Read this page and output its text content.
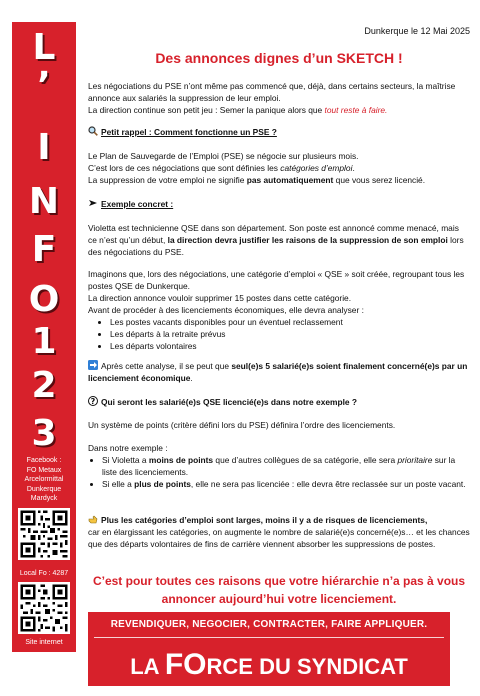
L
’
I
N
F
O
1
2
3
Facebook :
FO Metaux
Arcelormittal
Dunkerque
Mardyck
Local Fo : 4287
Site internet
Dunkerque le 12 Mai 2025
Des annonces dignes d’un SKETCH !
Les négociations du PSE n’ont même pas commencé que, déjà, dans certains secteurs, la maîtrise annonce aux salariés la suppression de leur emploi.
La direction continue son petit jeu : Semer la panique alors que tout reste à faire.
Petit rappel : Comment fonctionne un PSE ?
Le Plan de Sauvegarde de l’Emploi (PSE) se négocie sur plusieurs mois.
C’est lors de ces négociations que sont définies les catégories d’emploi.
La suppression de votre emploi ne signifie pas automatiquement que vous serez licencié.
Exemple concret :
Violetta est technicienne QSE dans son département. Son poste est annoncé comme menacé, mais ce n’est qu’un début, la direction devra justifier les raisons de la suppression de son emploi lors des négociations du PSE.
Imaginons que, lors des négociations, une catégorie d’emploi « QSE » soit créée, regroupant tous les postes QSE de Dunkerque.
La direction annonce vouloir supprimer 15 postes dans cette catégorie.
Avant de procéder à des licenciements économiques, elle devra analyser :
• Les postes vacants disponibles pour un éventuel reclassement
• Les départs à la retraite prévus
• Les départs volontaires
Après cette analyse, il se peut que seul(e)s 5 salarié(e)s soient finalement concerné(e)s par un licenciement économique.
? Qui seront les salarié(e)s QSE licencié(e)s dans notre exemple ?
Un système de points (critère défini lors du PSE) définira l’ordre des licenciements.
Dans notre exemple :
• Si Violetta a moins de points que d’autres collègues de sa catégorie, elle sera prioritaire sur la liste des licenciements.
• Si elle a plus de points, elle ne sera pas licenciée : elle devra être reclassée sur un poste vacant.
Plus les catégories d’emploi sont larges, moins il y a de risques de licenciements,
car en élargissant les catégories, on augmente le nombre de salarié(e)s concerné(e)s… et les chances que des départs volontaires de fins de carrière viennent absorber les suppressions de postes.
C’est pour toutes ces raisons que votre hiérarchie n’a pas à vous annoncer aujourd’hui votre licenciement.
REVENDIQUER, NEGOCIER, CONTRACTER, FAIRE APPLIQUER.
LA FORCE DU SYNDICAT
